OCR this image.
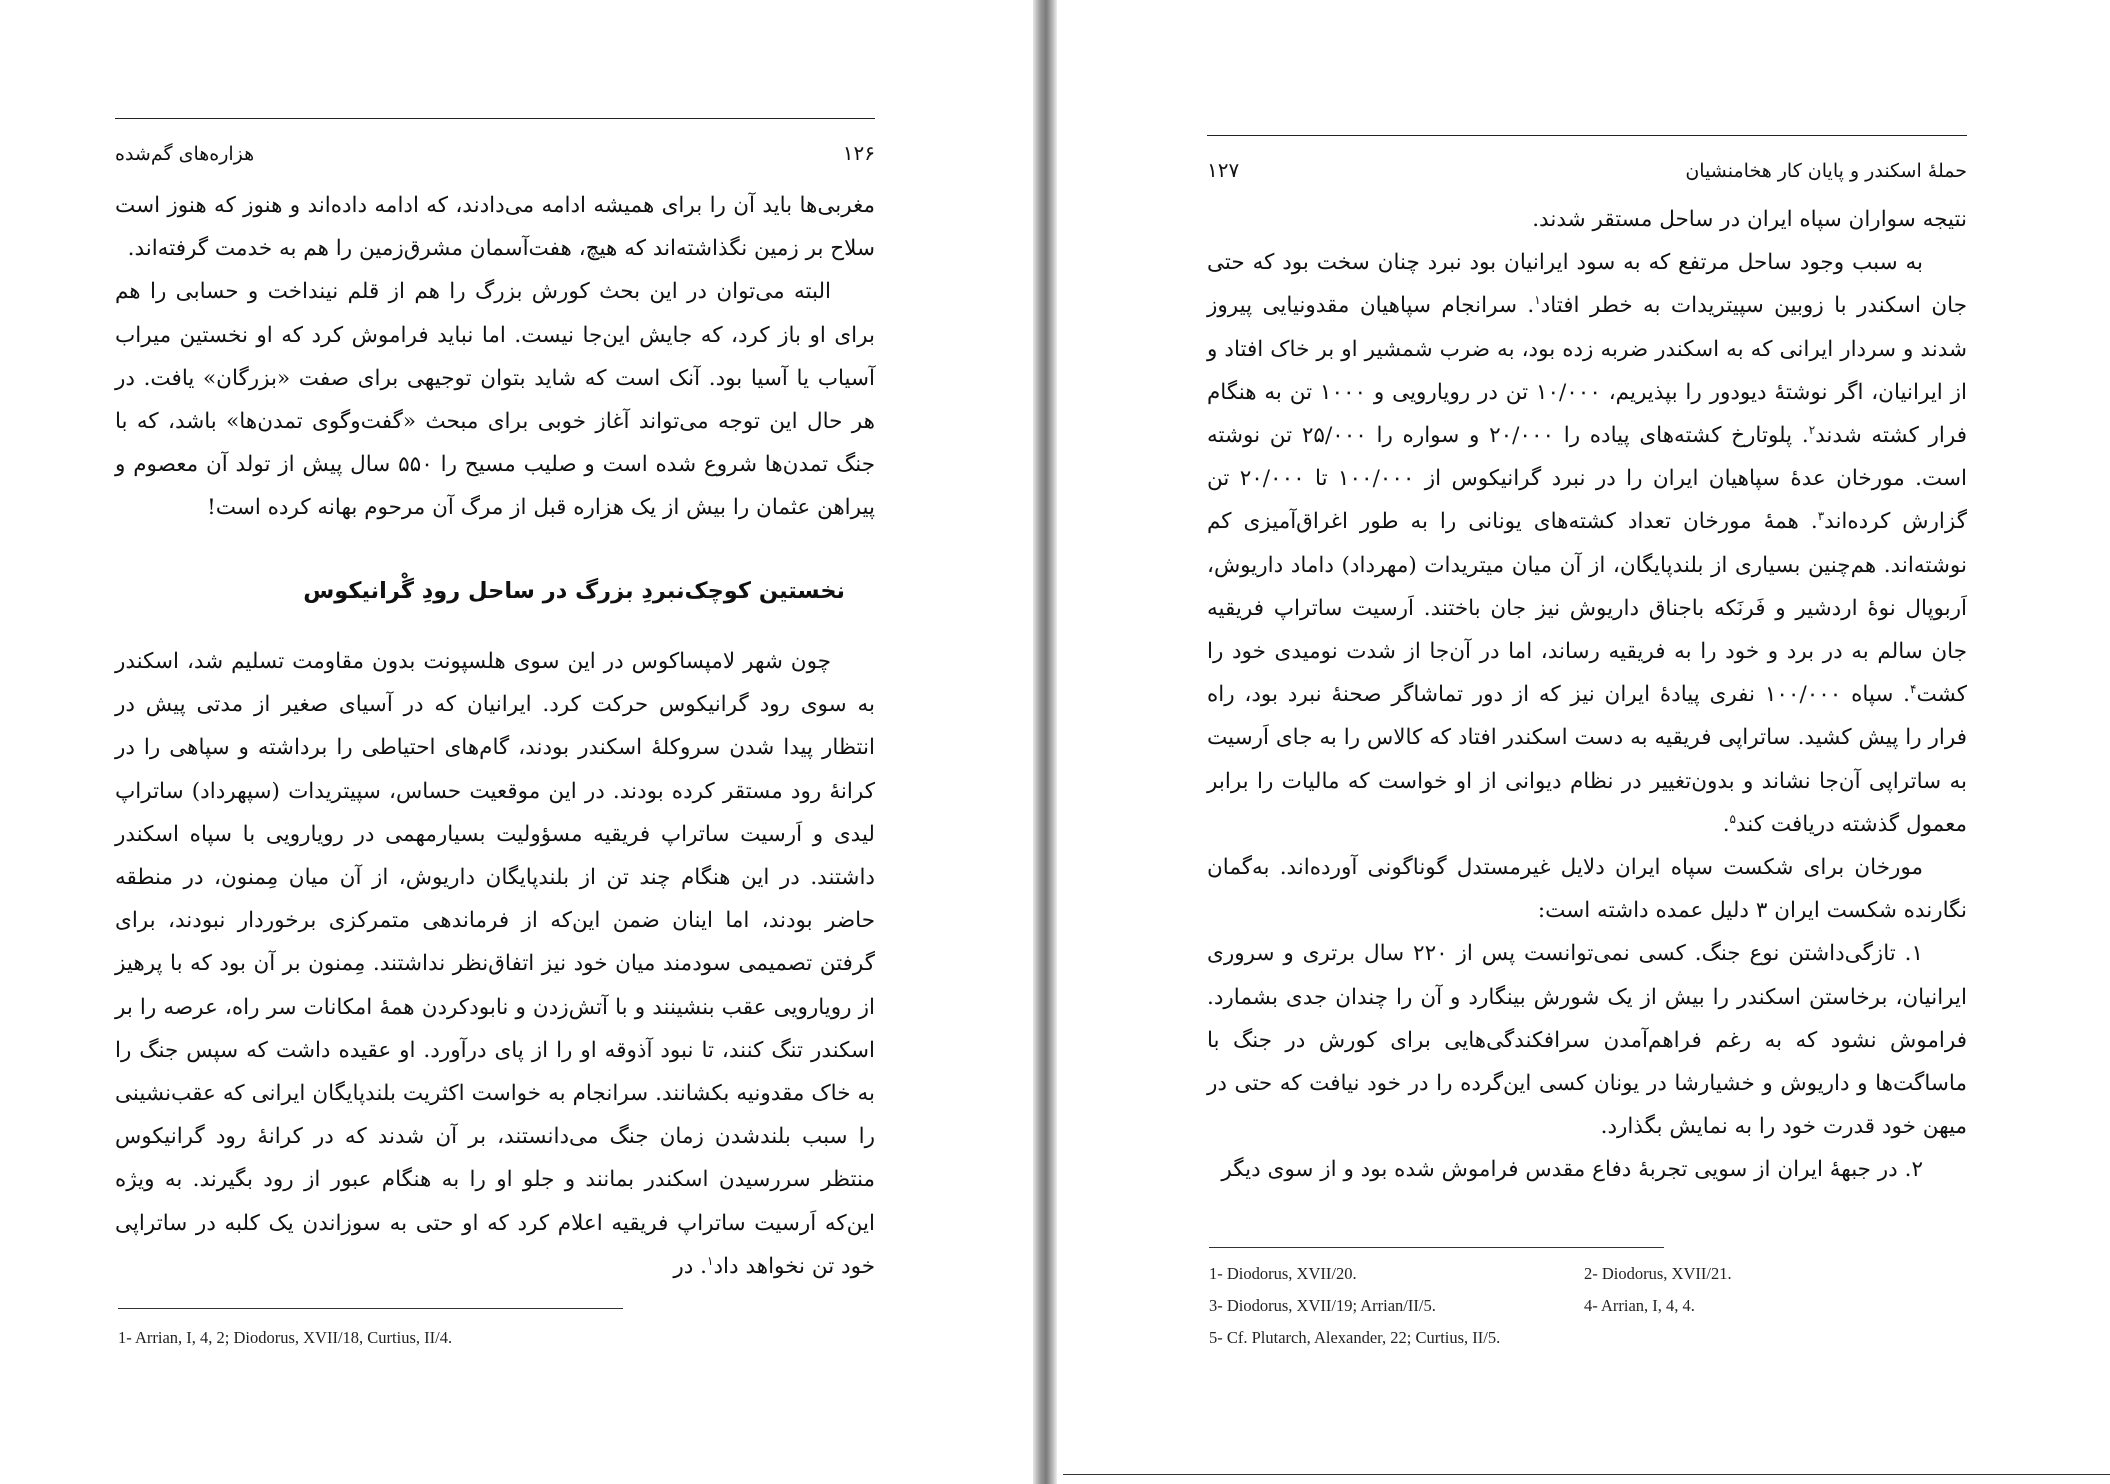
۱۲۶
هزاره‌های گم‌شده

مغربی‌ها باید آن را برای همیشه ادامه می‌دادند، که ادامه داده‌اند و هنوز که هنوز است سلاح بر زمین نگذاشته‌اند که هیچ، هفت‌آسمان مشرق‌زمین را هم به خدمت گرفته‌اند.

البته می‌توان در این بحث کورش بزرگ را هم از قلم نینداخت و حسابی را هم برای او باز کرد، که جایش این‌جا نیست. اما نباید فراموش کرد که او نخستین میراب آسیاب یا آسیا بود. آنک است که شاید بتوان توجیهی برای صفت «بزرگان» یافت. در هر حال این توجه می‌تواند آغاز خوبی برای مبحث «گفت‌وگوی تمدن‌ها» باشد، که با جنگ تمدن‌ها شروع شده است و صلیب مسیح را ۵۵۰ سال پیش از تولد آن معصوم و پیراهن عثمان را بیش از یک هزاره قبل از مرگ آن مرحوم بهانه کرده است!

نخستین کوچک‌نبردِ بزرگ در ساحل رودِ گْرانیکوس

چون شهر لامپساکوس در این سوی هلسپونت بدون مقاومت تسلیم شد، اسکندر به سوی رود گرانیکوس حرکت کرد. ایرانیان که در آسیای صغیر از مدتی پیش در انتظار پیدا شدن سروکلهٔ اسکندر بودند، گام‌های احتیاطی را برداشته و سپاهی را در کرانهٔ رود مستقر کرده بودند. در این موقعیت حساس، سپیتریدات (سپهرداد) ساتراپ لیدی و اَرسیت ساتراپ فریقیه مسؤولیت بسیارمهمی در رویارویی با سپاه اسکندر داشتند. در این هنگام چند تن از بلندپایگان داریوش، از آن میان مِمنون، در منطقه حاضر بودند، اما اینان ضمن این‌که از فرماندهی متمرکزی برخوردار نبودند، برای گرفتن تصمیمی سودمند میان خود نیز اتفاق‌نظر نداشتند. مِمنون بر آن بود که با پرهیز از رویارویی عقب بنشینند و با آتش‌زدن و نابودکردن همهٔ امکانات سر راه، عرصه را بر اسکندر تنگ کنند، تا نبود آذوقه او را از پای درآورد. او عقیده داشت که سپس جنگ را به خاک مقدونیه بکشانند. سرانجام به خواست اکثریت بلندپایگان ایرانی که عقب‌نشینی را سبب بلندشدن زمان جنگ می‌دانستند، بر آن شدند که در کرانهٔ رود گرانیکوس منتظر سررسیدن اسکندر بمانند و جلو او را به هنگام عبور از رود بگیرند. به ویژه این‌که اَرسیت ساتراپ فریقیه اعلام کرد که او حتی به سوزاندن یک کلبه در ساتراپی خود تن نخواهد داد$^۱$. در

1- Arrian, I, 4, 2; Diodorus, XVII/18, Curtius, II/4.
حملهٔ اسکندر و پایان کار هخامنشیان
۱۲۷

نتیجه سواران سپاه ایران در ساحل مستقر شدند.

به سبب وجود ساحل مرتفع که به سود ایرانیان بود نبرد چنان سخت بود که حتی جان اسکندر با زوبین سپیتریدات به خطر افتاد$^۱$. سرانجام سپاهیان مقدونیایی پیروز شدند و سردار ایرانی که به اسکندر ضربه زده بود، به ضرب شمشیر او بر خاک افتاد و از ایرانیان، اگر نوشتهٔ دیودور را بپذیریم، ۱۰/۰۰۰ تن در رویارویی و ۱۰۰۰ تن به هنگام فرار کشته شدند$^۲$. پلوتارخ کشته‌های پیاده را ۲۰/۰۰۰ و سواره را ۲۵/۰۰۰ تن نوشته است. مورخان عدهٔ سپاهیان ایران را در نبرد گرانیکوس از ۱۰۰/۰۰۰ تا ۲۰/۰۰۰ تن گزارش کرده‌اند$^۳$. همهٔ مورخان تعداد کشته‌های یونانی را به طور اغراق‌آمیزی کم نوشته‌اند. هم‌چنین بسیاری از بلندپایگان، از آن میان میتریدات (مهرداد) داماد داریوش، اَربوپال نوهٔ اردشیر و فَرنَکه باجناق داریوش نیز جان باختند. اَرسیت ساتراپ فریقیه جان سالم به در برد و خود را به فریقیه رساند، اما در آن‌جا از شدت نومیدی خود را کشت$^۴$. سپاه ۱۰۰/۰۰۰ نفری پیادهٔ ایران نیز که از دور تماشاگر صحنهٔ نبرد بود، راه فرار را پیش‌ کشید. ساتراپی فریقیه به دست اسکندر افتاد که کالاس را به جای اَرسیت به ساتراپی آن‌جا نشاند و بدون‌تغییر در نظام دیوانی از او خواست که مالیات را برابر معمول گذشته دریافت کند$^۵$.

مورخان برای شکست سپاه ایران دلایل غیرمستدل گوناگونی آورده‌اند. به‌گمان نگارنده شکست ایران ۳ دلیل عمده داشته است:

۱. تازگی‌داشتن نوع جنگ. کسی نمی‌توانست پس از ۲۲۰ سال برتری و سروری ایرانیان، برخاستن اسکندر را بیش از یک شورش بینگارد و آن را چندان جدی بشمارد. فراموش نشود که به رغم فراهم‌آمدن سرافکندگی‌هایی برای کورش در جنگ با ماساگت‌ها و داریوش و خشیارشا در یونان کسی این‌گرده را در خود نیافت که حتی در میهن خود قدرت خود را به نمایش بگذارد.

۲. در جبههٔ ایران از سویی تجربهٔ دفاع مقدس فراموش شده بود و از سوی دیگر

1- Diodorus, XVII/20.	2- Diodorus, XVII/21.
3- Diodorus, XVII/19; Arrian/II/5.	4- Arrian, I, 4, 4.
5- Cf. Plutarch, Alexander, 22; Curtius, II/5.
